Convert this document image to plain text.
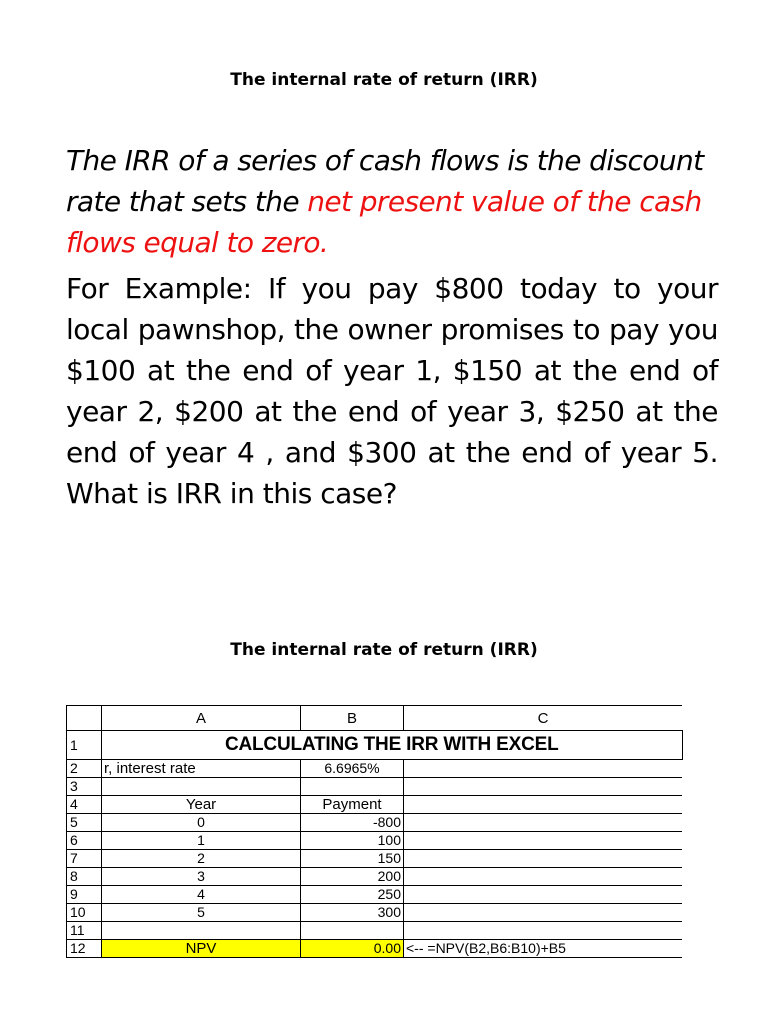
The internal rate of return (IRR)
The IRR of a series of cash flows is the discount rate that sets the net present value of the cash flows equal to zero.
For Example: If you pay $800 today to your local pawnshop, the owner promises to pay you $100 at the end of year 1, $150 at the end of year 2, $200 at the end of year 3, $250 at the end of year 4 , and $300 at the end of year 5. What is IRR in this case?
The internal rate of return (IRR)
	A	B	C
1	CALCULATING THE IRR WITH EXCEL		
2	r, interest rate	6.6965%	
3			
4	Year	Payment	
5	0	-800	
6	1	100	
7	2	150	
8	3	200	
9	4	250	
10	5	300	
11			
12	NPV	0.00	<-- =NPV(B2,B6:B10)+B5
